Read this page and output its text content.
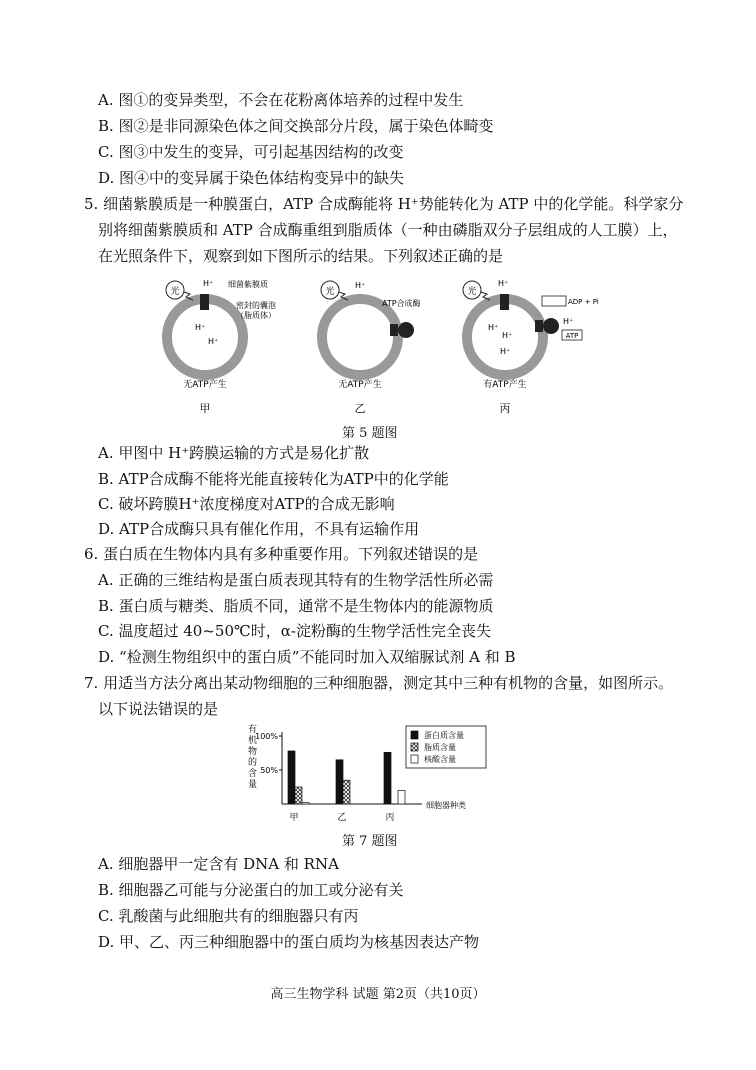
A. 图①的变异类型，不会在花粉离体培养的过程中发生
B. 图②是非同源染色体之间交换部分片段，属于染色体畸变
C. 图③中发生的变异，可引起基因结构的改变
D. 图④中的变异属于染色体结构变异中的缺失
5. 细菌紫膜质是一种膜蛋白，ATP 合成酶能将 H⁺势能转化为 ATP 中的化学能。科学家分
别将细菌紫膜质和 ATP 合成酶重组到脂质体（一种由磷脂双分子层组成的人工膜）上，
在光照条件下，观察到如下图所示的结果。下列叙述正确的是
光
H⁺
H⁺
H⁺
细菌紫膜质
密封的囊泡
（脂质体）
无ATP产生
甲
光
H⁺
ATP合成酶
无ATP产生
乙
光
H⁺
H⁺
H⁺
H⁺
ADP + Pi
H⁺
ATP
有ATP产生
丙
第 5 题图
A. 甲图中 H⁺跨膜运输的方式是易化扩散
B. ATP合成酶不能将光能直接转化为ATP中的化学能
C. 破坏跨膜H⁺浓度梯度对ATP的合成无影响
D. ATP合成酶只具有催化作用，不具有运输作用
6. 蛋白质在生物体内具有多种重要作用。下列叙述错误的是
A. 正确的三维结构是蛋白质表现其特有的生物学活性所必需
B. 蛋白质与糖类、脂质不同，通常不是生物体内的能源物质
C. 温度超过 40~50℃时，α-淀粉酶的生物学活性完全丧失
D. “检测生物组织中的蛋白质”不能同时加入双缩脲试剂 A 和 B
7. 用适当方法分离出某动物细胞的三种细胞器，测定其中三种有机物的含量，如图所示。
以下说法错误的是
有
机
物
的
含
量
100%
50%
细胞器种类
甲	乙	丙
蛋白质含量
脂质含量
核酸含量
第 7 题图
A. 细胞器甲一定含有 DNA 和 RNA
B. 细胞器乙可能与分泌蛋白的加工或分泌有关
C. 乳酸菌与此细胞共有的细胞器只有丙
D. 甲、乙、丙三种细胞器中的蛋白质均为核基因表达产物
高三生物学科 试题 第2页（共10页）
